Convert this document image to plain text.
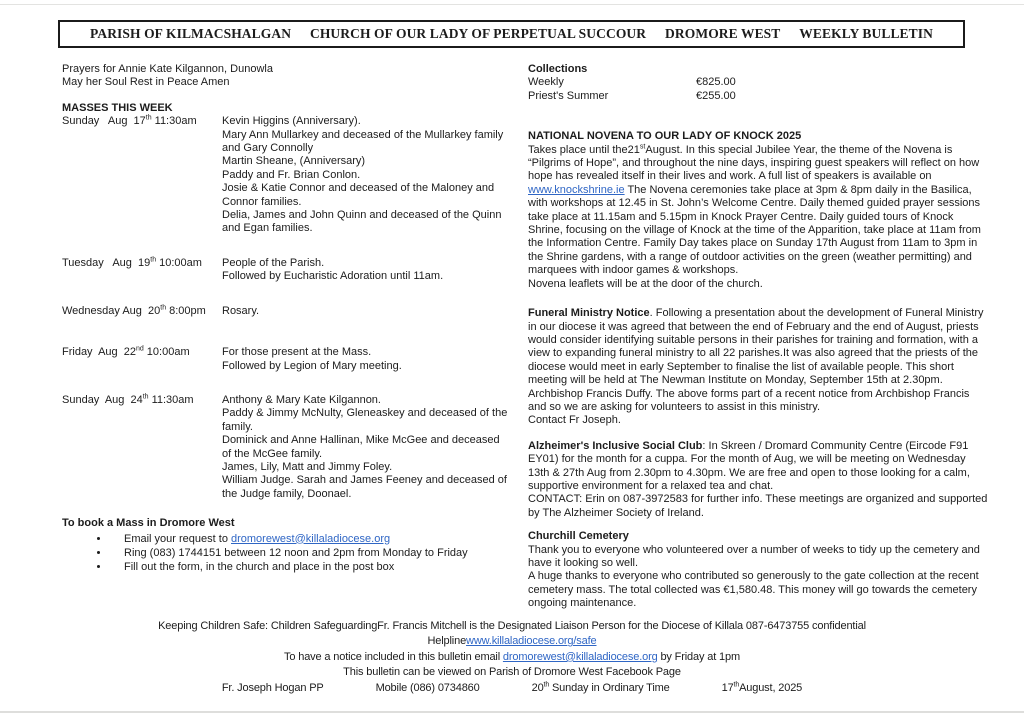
PARISH OF KILMACSHALGAN CHURCH OF OUR LADY OF PERPETUAL SUCCOUR DROMORE WEST WEEKLY BULLETIN
Prayers for Annie Kate Kilgannon, Dunowla
May her Soul Rest in Peace Amen
MASSES THIS WEEK
Sunday   Aug  17th 11:30am	Kevin Higgins (Anniversary).
Mary Ann Mullarkey and deceased of the Mullarkey family and Gary Connolly
Martin Sheane, (Anniversary)
Paddy and Fr. Brian Conlon.
Josie & Katie Connor and deceased of the Maloney and Connor families.
Delia, James and John Quinn and deceased of the Quinn and Egan families.
Tuesday   Aug  19th 10:00am	People of the Parish.
Followed by Eucharistic Adoration until 11am.
Wednesday Aug  20th 8:00pm	Rosary.
Friday  Aug  22nd 10:00am	For those present at the Mass.
Followed by Legion of Mary meeting.
Sunday  Aug  24th 11:30am	Anthony & Mary Kate Kilgannon.
Paddy & Jimmy McNulty, Gleneaskey and deceased of the family.
Dominick and Anne Hallinan, Mike McGee and deceased of the McGee family.
James, Lily, Matt and Jimmy Foley.
William Judge. Sarah and James Feeney and deceased of the Judge family, Doonael.
To book a Mass in Dromore West
• Email your request to dromorewest@killaladiocese.org
• Ring (083) 1744151 between 12 noon and 2pm from Monday to Friday
• Fill out the form, in the church and place in the post box
Collections
Weekly	€825.00
Priest's Summer	€255.00
NATIONAL NOVENA TO OUR LADY OF KNOCK 2025
Takes place until the21stAugust. In this special Jubilee Year, the theme of the Novena is “Pilgrims of Hope”, and throughout the nine days, inspiring guest speakers will reflect on how hope has revealed itself in their lives and work. A full list of speakers is available on www.knockshrine.ie The Novena ceremonies take place at 3pm & 8pm daily in the Basilica, with workshops at 12.45 in St. John’s Welcome Centre. Daily themed guided prayer sessions take place at 11.15am and 5.15pm in Knock Prayer Centre. Daily guided tours of Knock Shrine, focusing on the village of Knock at the time of the Apparition, take place at 11am from the Information Centre. Family Day takes place on Sunday 17th August from 11am to 3pm in the Shrine gardens, with a range of outdoor activities on the green (weather permitting) and marquees with indoor games & workshops.
Novena leaflets will be at the door of the church.
Funeral Ministry Notice. Following a presentation about the development of Funeral Ministry in our diocese it was agreed that between the end of February and the end of August, priests would consider identifying suitable persons in their parishes for training and formation, with a view to expanding funeral ministry to all 22 parishes.It was also agreed that the priests of the diocese would meet in early September to finalise the list of available people. This short meeting will be held at The Newman Institute on Monday, September 15th at 2.30pm. Archbishop Francis Duffy. The above forms part of a recent notice from Archbishop Francis and so we are asking for volunteers to assist in this ministry.
Contact Fr Joseph.
Alzheimer's Inclusive Social Club: In Skreen / Dromard Community Centre (Eircode F91 EY01) for the month for a cuppa. For the month of Aug, we will be meeting on Wednesday 13th & 27th Aug from 2.30pm to 4.30pm. We are free and open to those looking for a calm, supportive environment for a relaxed tea and chat.
CONTACT: Erin on 087-3972583 for further info. These meetings are organized and supported by The Alzheimer Society of Ireland.
Churchill Cemetery
Thank you to everyone who volunteered over a number of weeks to tidy up the cemetery and have it looking so well.
A huge thanks to everyone who contributed so generously to the gate collection at the recent cemetery mass. The total collected was €1,580.48. This money will go towards the cemetery ongoing maintenance.
Keeping Children Safe: Children SafeguardingFr. Francis Mitchell is the Designated Liaison Person for the Diocese of Killala 087-6473755 confidential
Helplinewww.killaladiocese.org/safe
To have a notice included in this bulletin email dromorewest@killaladiocese.org by Friday at 1pm
This bulletin can be viewed on Parish of Dromore West Facebook Page
Fr. Joseph Hogan PP	Mobile (086) 0734860	20th Sunday in Ordinary Time	17thAugust, 2025
